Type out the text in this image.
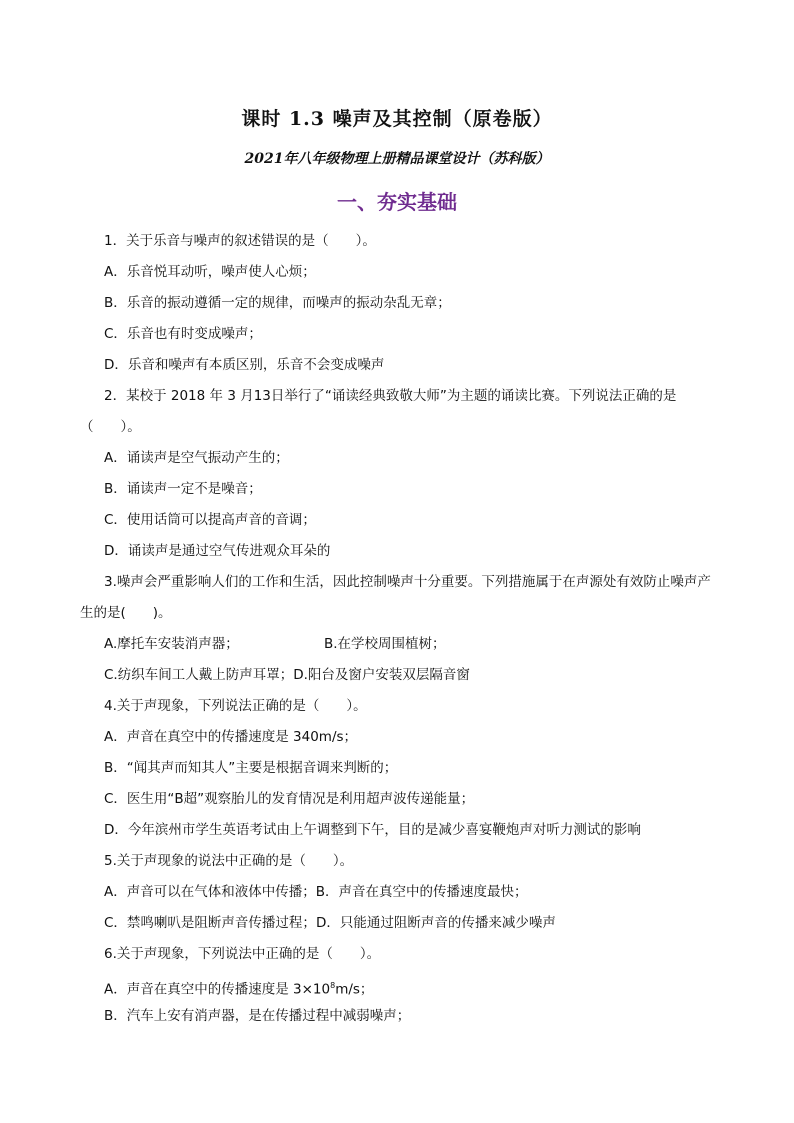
课时 1.3 噪声及其控制（原卷版）
2021年八年级物理上册精品课堂设计（苏科版）
一、夯实基础
1．关于乐音与噪声的叙述错误的是（　　）。
A．乐音悦耳动听，噪声使人心烦；
B．乐音的振动遵循一定的规律，而噪声的振动杂乱无章；
C．乐音也有时变成噪声；
D．乐音和噪声有本质区别，乐音不会变成噪声
2．某校于 2018 年 3 月13日举行了“诵读经典致敬大师”为主题的诵读比赛。下列说法正确的是（　　）。
A．诵读声是空气振动产生的；
B．诵读声一定不是噪音；
C．使用话筒可以提高声音的音调；
D．诵读声是通过空气传进观众耳朵的
3.噪声会严重影响人们的工作和生活，因此控制噪声十分重要。下列措施属于在声源处有效防止噪声产生的是(　　)。
A.摩托车安装消声器；	B.在学校周围植树；
C.纺织车间工人戴上防声耳罩；D.阳台及窗户安装双层隔音窗
4.关于声现象，下列说法正确的是（　　）。
A．声音在真空中的传播速度是 340m/s；
B．“闻其声而知其人”主要是根据音调来判断的；
C．医生用“B超”观察胎儿的发育情况是利用超声波传递能量；
D．今年滨州市学生英语考试由上午调整到下午，目的是减少喜宴鞭炮声对听力测试的影响
5.关于声现象的说法中正确的是（　　）。
A．声音可以在气体和液体中传播；B．声音在真空中的传播速度最快；
C．禁鸣喇叭是阻断声音传播过程；D．只能通过阻断声音的传播来减少噪声
6.关于声现象，下列说法中正确的是（　　）。
A．声音在真空中的传播速度是 $3\times 10^8m/s$；
B．汽车上安有消声器，是在传播过程中减弱噪声；
